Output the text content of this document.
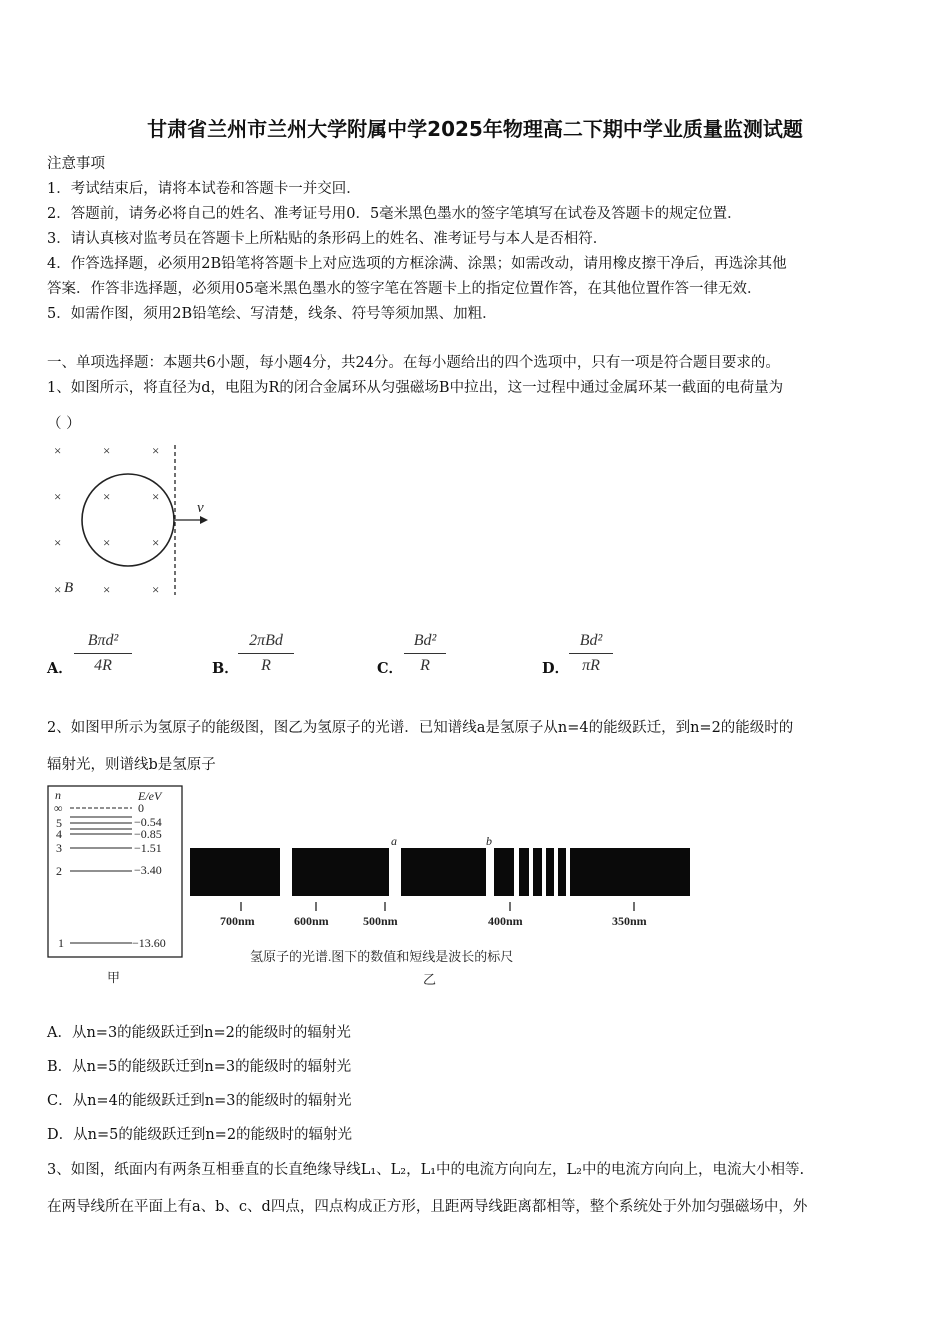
甘肃省兰州市兰州大学附属中学2025年物理高二下期中学业质量监测试题
注意事项
1．考试结束后，请将本试卷和答题卡一并交回．
2．答题前，请务必将自己的姓名、准考证号用0．5毫米黑色墨水的签字笔填写在试卷及答题卡的规定位置．
3．请认真核对监考员在答题卡上所粘贴的条形码上的姓名、准考证号与本人是否相符．
4．作答选择题，必须用2B铅笔将答题卡上对应选项的方框涂满、涂黑；如需改动，请用橡皮擦干净后，再选涂其他
答案．作答非选择题，必须用05毫米黑色墨水的签字笔在答题卡上的指定位置作答，在其他位置作答一律无效．
5．如需作图，须用2B铅笔绘、写清楚，线条、符号等须加黑、加粗．
一、单项选择题：本题共6小题，每小题4分，共24分。在每小题给出的四个选项中，只有一项是符合题目要求的。
1、如图所示，将直径为d，电阻为R的闭合金属环从匀强磁场B中拉出，这一过程中通过金属环某一截面的电荷量为
（ ）
×	×	×
×	×	×
×	×	×
×	×	×
v
B
A．
Bπd²
4R	B．
2πBd
R	C． $\frac{\text{Bd²}}{R}$	D． $\frac{\text{Bd²}}{\pi R}$
2、如图甲所示为氢原子的能级图，图乙为氢原子的光谱．已知谱线a是氢原子从n=4的能级跃迁，到n=2的能级时的
辐射光，则谱线b是氢原子
n	E/eV
∞	0
5	−0.54
4	−0.85
3	−1.51
2	−3.40
1	−13.60
甲
a	b
700nm	600nm	500nm	400nm	350nm
氢原子的光谱.图下的数值和短线是波长的标尺
乙
A．从n=3的能级跃迁到n=2的能级时的辐射光
B．从n=5的能级跃迁到n=3的能级时的辐射光
C．从n=4的能级跃迁到n=3的能级时的辐射光
D．从n=5的能级跃迁到n=2的能级时的辐射光
3、如图，纸面内有两条互相垂直的长直绝缘导线L₁、L₂，L₁中的电流方向向左，L₂中的电流方向向上，电流大小相等.
在两导线所在平面上有a、b、c、d四点，四点构成正方形，且距两导线距离都相等，整个系统处于外加匀强磁场中，外
